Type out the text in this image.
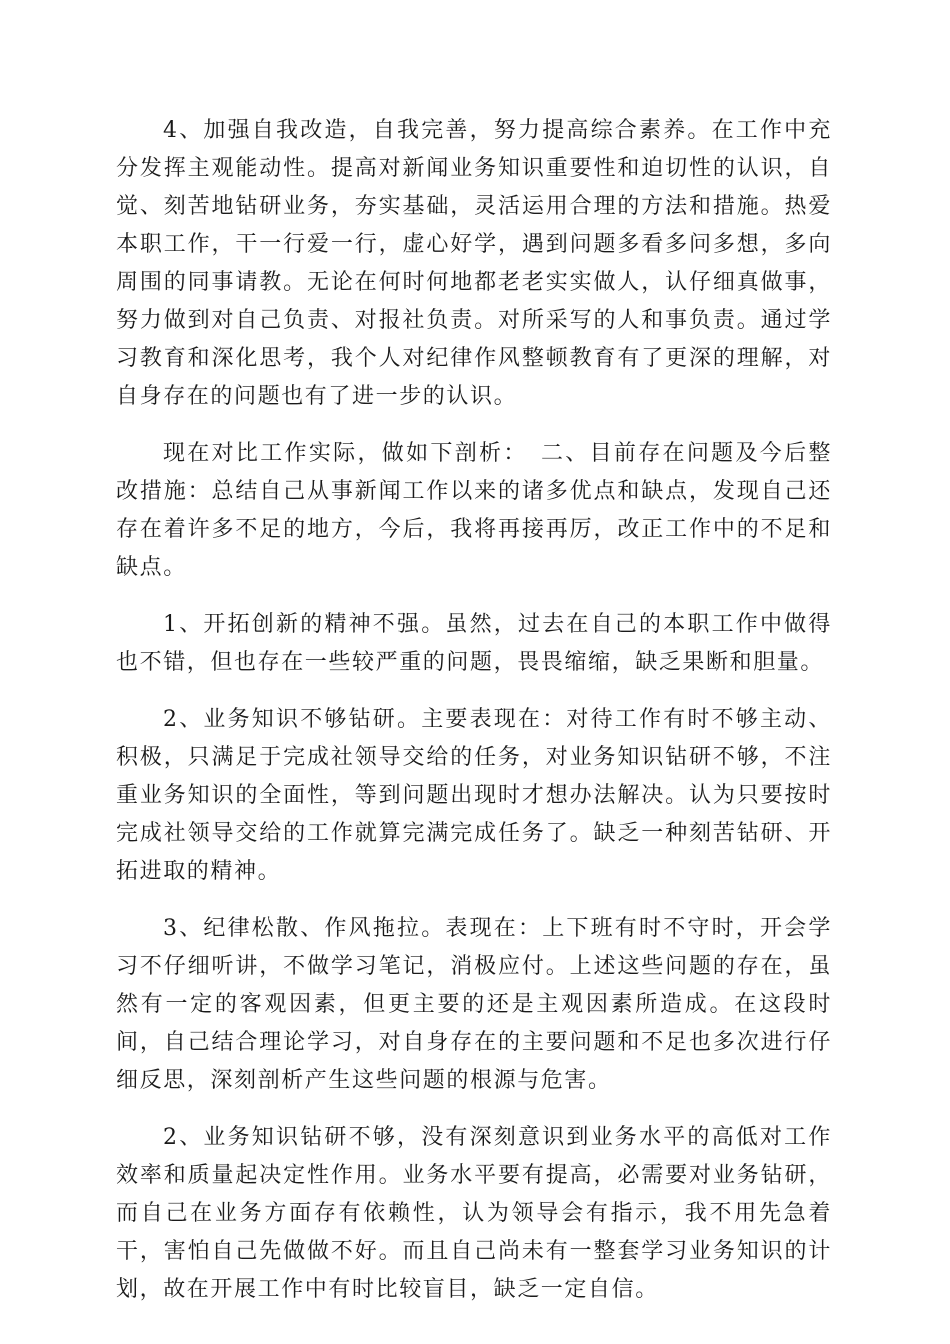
4、加强自我改造，自我完善，努力提高综合素养。在工作中充分发挥主观能动性。提高对新闻业务知识重要性和迫切性的认识，自觉、刻苦地钻研业务，夯实基础，灵活运用合理的方法和措施。热爱本职工作，干一行爱一行，虚心好学，遇到问题多看多问多想，多向周围的同事请教。无论在何时何地都老老实实做人，认仔细真做事，努力做到对自己负责、对报社负责。对所采写的人和事负责。通过学习教育和深化思考，我个人对纪律作风整顿教育有了更深的理解，对自身存在的问题也有了进一步的认识。

现在对比工作实际，做如下剖析：　二、目前存在问题及今后整改措施：总结自己从事新闻工作以来的诸多优点和缺点，发现自己还存在着许多不足的地方，今后，我将再接再厉，改正工作中的不足和缺点。

1、开拓创新的精神不强。虽然，过去在自己的本职工作中做得也不错，但也存在一些较严重的问题，畏畏缩缩，缺乏果断和胆量。

2、业务知识不够钻研。主要表现在：对待工作有时不够主动、积极，只满足于完成社领导交给的任务，对业务知识钻研不够，不注重业务知识的全面性，等到问题出现时才想办法解决。认为只要按时完成社领导交给的工作就算完满完成任务了。缺乏一种刻苦钻研、开拓进取的精神。

3、纪律松散、作风拖拉。表现在：上下班有时不守时，开会学习不仔细听讲，不做学习笔记，消极应付。上述这些问题的存在，虽然有一定的客观因素，但更主要的还是主观因素所造成。在这段时间，自己结合理论学习，对自身存在的主要问题和不足也多次进行仔细反思，深刻剖析产生这些问题的根源与危害。

2、业务知识钻研不够，没有深刻意识到业务水平的高低对工作效率和质量起决定性作用。业务水平要有提高，必需要对业务钻研，而自己在业务方面存有依赖性，认为领导会有指示，我不用先急着干，害怕自己先做做不好。而且自己尚未有一整套学习业务知识的计划，故在开展工作中有时比较盲目，缺乏一定自信。
